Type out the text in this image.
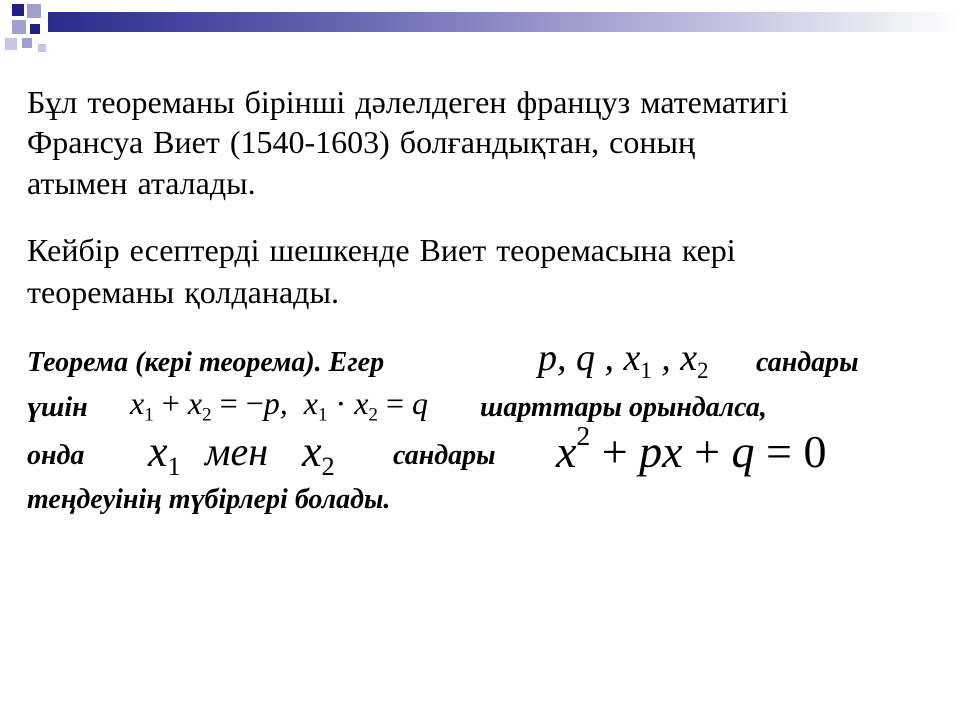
Бұл теореманы бірінші дәлелдеген француз математигі

Франсуа Виет (1540-1603) болғандықтан, соның

атымен аталады.

Кейбір есептерді шешкенде Виет теоремасына кері

теореманы қолданады.

Теорема (кері теорема). Егер	p, q , $x_1$ , $x_2$ сандары
үшін $x_1 + x_2 = -p$,  $x_1 \cdot x_2 = q$ шарттары орындалса,
онда $x_1$ мен $x_2$ сандары $x^2$ + px + q = 0
теңдеуінің түбірлері болады.
